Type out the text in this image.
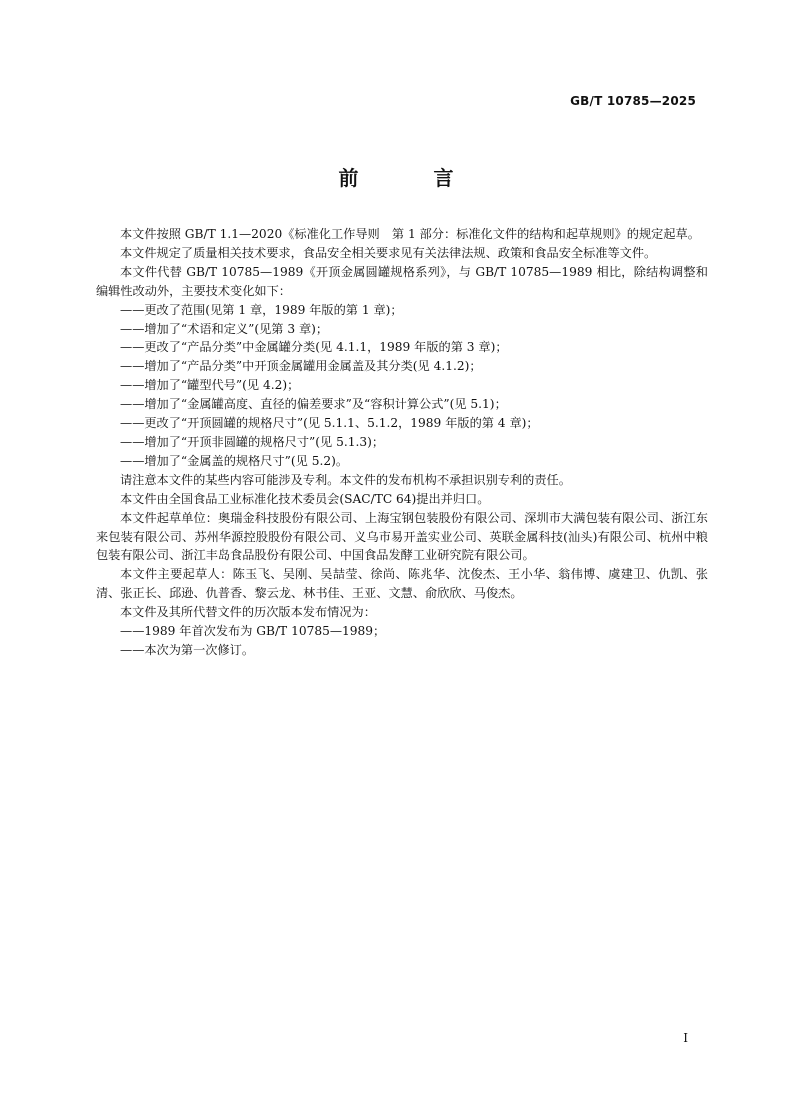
GB/T 10785—2025
前 言

本文件按照 GB/T 1.1—2020《标准化工作导则　第 1 部分：标准化文件的结构和起草规则》的规定起草。

本文件规定了质量相关技术要求，食品安全相关要求见有关法律法规、政策和食品安全标准等文件。

本文件代替 GB/T 10785—1989《开顶金属圆罐规格系列》，与 GB/T 10785—1989 相比，除结构调整和编辑性改动外，主要技术变化如下：

——更改了范围(见第 1 章，1989 年版的第 1 章)；

——增加了“术语和定义”(见第 3 章)；

——更改了“产品分类”中金属罐分类(见 4.1.1，1989 年版的第 3 章)；

——增加了“产品分类”中开顶金属罐用金属盖及其分类(见 4.1.2)；

——增加了“罐型代号”(见 4.2)；

——增加了“金属罐高度、直径的偏差要求”及“容积计算公式”(见 5.1)；

——更改了“开顶圆罐的规格尺寸”(见 5.1.1、5.1.2，1989 年版的第 4 章)；

——增加了“开顶非圆罐的规格尺寸”(见 5.1.3)；

——增加了“金属盖的规格尺寸”(见 5.2)。

请注意本文件的某些内容可能涉及专利。本文件的发布机构不承担识别专利的责任。

本文件由全国食品工业标准化技术委员会(SAC/TC 64)提出并归口。

本文件起草单位：奥瑞金科技股份有限公司、上海宝钢包装股份有限公司、深圳市大满包装有限公司、浙江东来包装有限公司、苏州华源控股股份有限公司、义乌市易开盖实业公司、英联金属科技(汕头)有限公司、杭州中粮包装有限公司、浙江丰岛食品股份有限公司、中国食品发酵工业研究院有限公司。

本文件主要起草人：陈玉飞、吴刚、吴喆莹、徐尚、陈兆华、沈俊杰、王小华、翁伟博、虞建卫、仇凯、张清、张正长、邱逊、仇普香、黎云龙、林书佳、王亚、文慧、俞欣欣、马俊杰。

本文件及其所代替文件的历次版本发布情况为：

——1989 年首次发布为 GB/T 10785—1989；

——本次为第一次修订。

I
